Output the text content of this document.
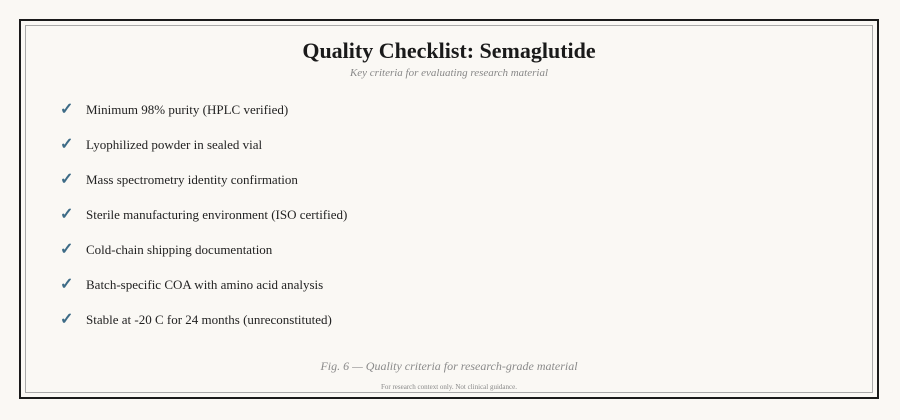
Quality Checklist: Semaglutide
Key criteria for evaluating research material
✓ Minimum 98% purity (HPLC verified)
✓ Lyophilized powder in sealed vial
✓ Mass spectrometry identity confirmation
✓ Sterile manufacturing environment (ISO certified)
✓ Cold-chain shipping documentation
✓ Batch-specific COA with amino acid analysis
✓ Stable at -20 C for 24 months (unreconstituted)
Fig. 6 — Quality criteria for research-grade material
For research context only. Not clinical guidance.
